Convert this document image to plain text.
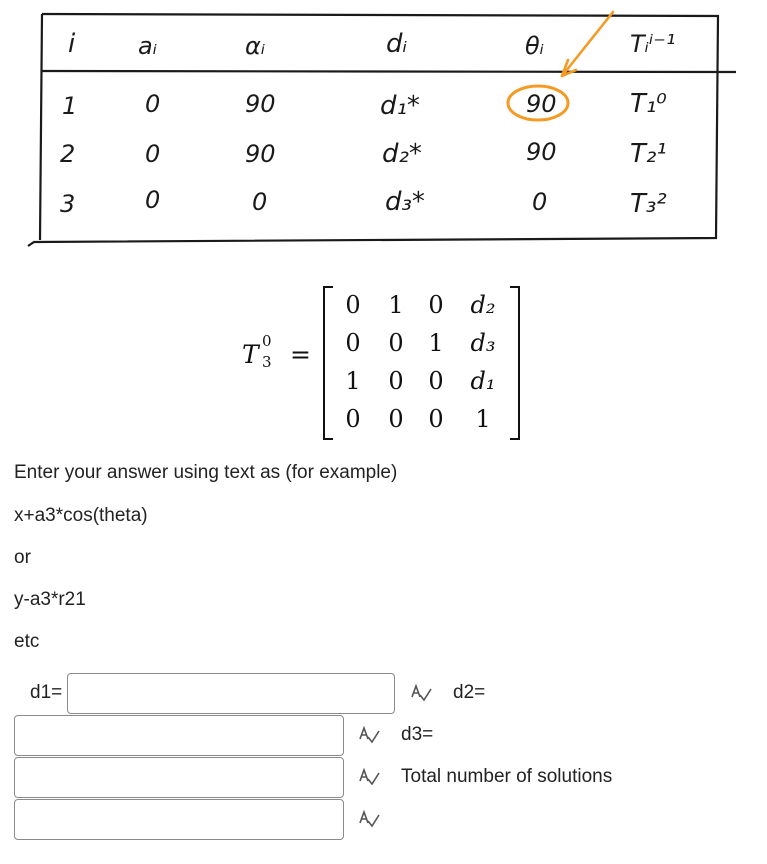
i	aᵢ	αᵢ	dᵢ	θᵢ	Tᵢⁱ⁻¹
1	0	90	d₁*	90	T₁⁰
2	0	90	d₂*	90	T₂¹
3	0	0	d₃*	0	T₃²
T 0
3 =
0	1	0	d₂
0	0	1	d₃
1	0	0	d₁
0	0	0	1
Enter your answer using text as (for example)
x+a3*cos(theta)
or
y-a3*r21
etc
d1=	d2=
d3=
Total number of solutions
